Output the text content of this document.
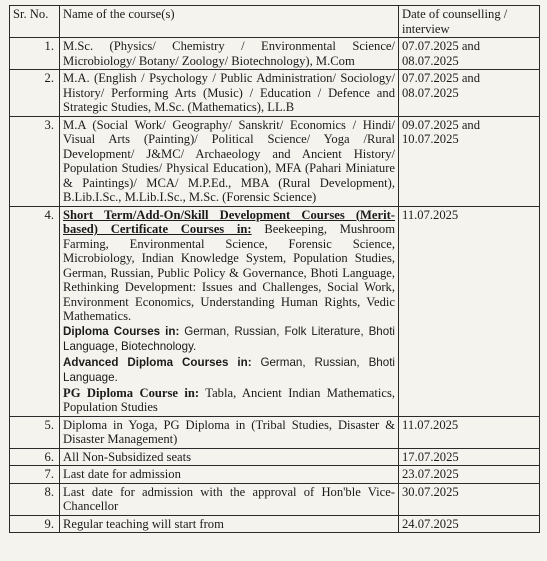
Sr. No.	Name of the course(s)	Date of counselling / interview
1.	M.Sc. (Physics/ Chemistry / Environmental Science/ Microbiology/ Botany/ Zoology/ Biotechnology), M.Com	07.07.2025 and 08.07.2025
2.	M.A. (English / Psychology / Public Administration/ Sociology/ History/ Performing Arts (Music) / Education / Defence and Strategic Studies, M.Sc. (Mathematics), LL.B	07.07.2025 and 08.07.2025
3.	M.A (Social Work/ Geography/ Sanskrit/ Economics / Hindi/ Visual Arts (Painting)/ Political Science/ Yoga /Rural Development/ J&MC/ Archaeology and Ancient History/ Population Studies/ Physical Education), MFA (Pahari Miniature & Paintings)/ MCA/ M.P.Ed., MBA (Rural Development), B.Lib.I.Sc., M.Lib.I.Sc., M.Sc. (Forensic Science)	09.07.2025 and 10.07.2025
4.	Short Term/Add-On/Skill Development Courses (Merit-based) Certificate Courses in: Beekeeping, Mushroom Farming, Environmental Science, Forensic Science, Microbiology, Indian Knowledge System, Population Studies, German, Russian, Public Policy & Governance, Bhoti Language, Rethinking Development: Issues and Challenges, Social Work, Environment Economics, Understanding Human Rights, Vedic Mathematics.
Diploma Courses in: German, Russian, Folk Literature, Bhoti Language, Biotechnology.
Advanced Diploma Courses in: German, Russian, Bhoti Language.
PG Diploma Course in: Tabla, Ancient Indian Mathematics, Population Studies	11.07.2025
5.	Diploma in Yoga, PG Diploma in (Tribal Studies, Disaster & Disaster Management)	11.07.2025
6.	All Non-Subsidized seats	17.07.2025
7.	Last date for admission	23.07.2025
8.	Last date for admission with the approval of Hon'ble Vice-Chancellor	30.07.2025
9.	Regular teaching will start from	24.07.2025
